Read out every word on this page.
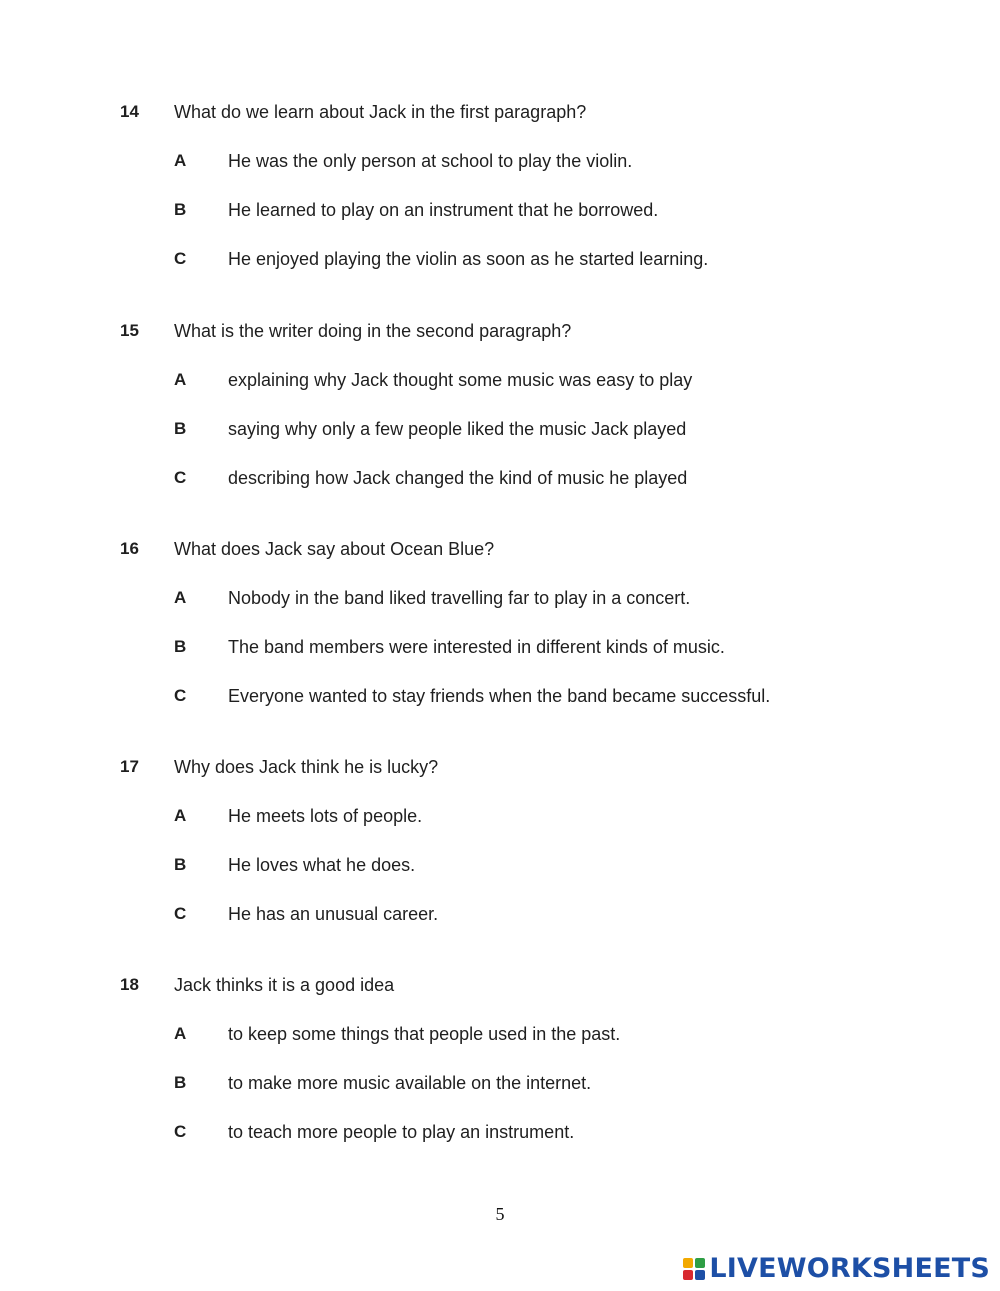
14 What do we learn about Jack in the first paragraph?
A He was the only person at school to play the violin.
B He learned to play on an instrument that he borrowed.
C He enjoyed playing the violin as soon as he started learning.
15 What is the writer doing in the second paragraph?
A explaining why Jack thought some music was easy to play
B saying why only a few people liked the music Jack played
C describing how Jack changed the kind of music he played
16 What does Jack say about Ocean Blue?
A Nobody in the band liked travelling far to play in a concert.
B The band members were interested in different kinds of music.
C Everyone wanted to stay friends when the band became successful.
17 Why does Jack think he is lucky?
A He meets lots of people.
B He loves what he does.
C He has an unusual career.
18 Jack thinks it is a good idea
A to keep some things that people used in the past.
B to make more music available on the internet.
C to teach more people to play an instrument.
5
LIVEWORKSHEETS
